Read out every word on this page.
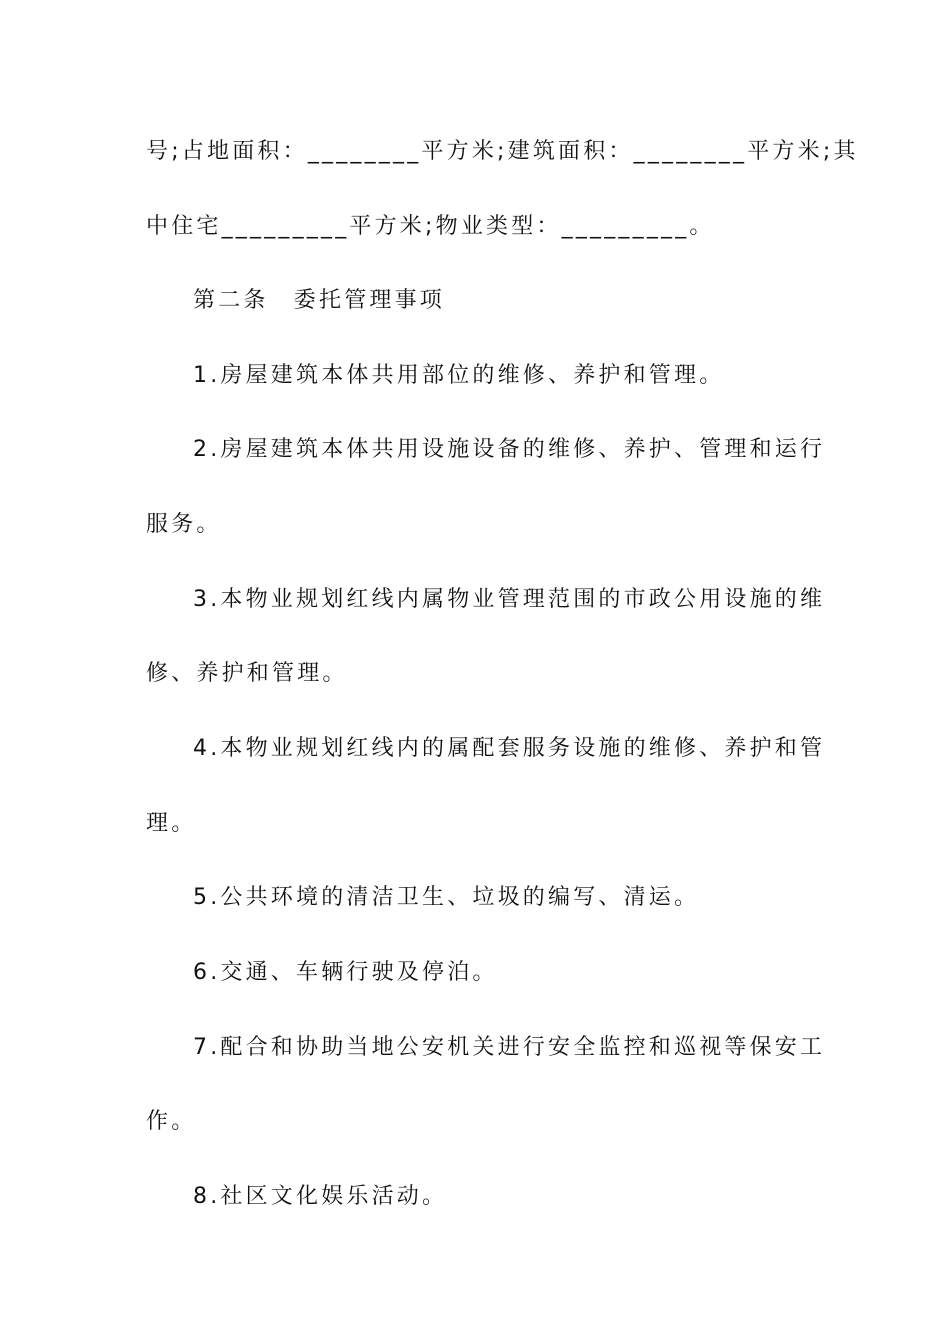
号;占地面积：________平方米;建筑面积：________平方米;其
中住宅_________平方米;物业类型：_________。
第二条　委托管理事项
1.房屋建筑本体共用部位的维修、养护和管理。
2.房屋建筑本体共用设施设备的维修、养护、管理和运行
服务。
3.本物业规划红线内属物业管理范围的市政公用设施的维
修、养护和管理。
4.本物业规划红线内的属配套服务设施的维修、养护和管
理。
5.公共环境的清洁卫生、垃圾的编写、清运。
6.交通、车辆行驶及停泊。
7.配合和协助当地公安机关进行安全监控和巡视等保安工
作。
8.社区文化娱乐活动。
